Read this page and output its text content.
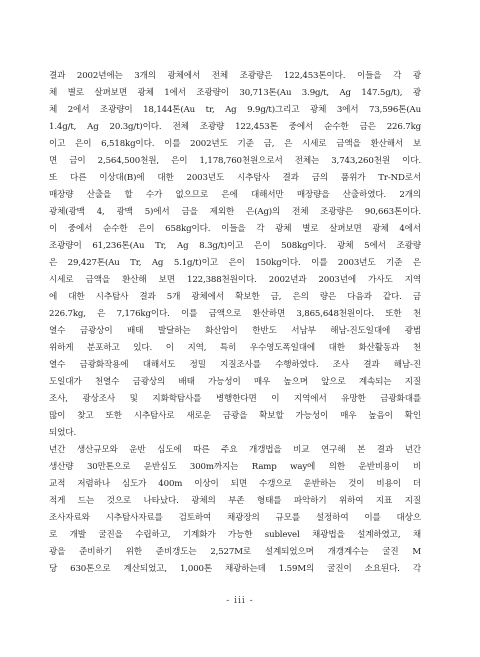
결과 2002년에는 3개의 광체에서 전체 조광량은 122,453톤이다. 이들을 각 광
체 별로 살펴보면 광체 1에서 조광량이 30,713톤(Au 3.9g/t, Ag 147.5g/t), 광
체 2에서 조광량이 18,144톤(Au tr, Ag 9.9g/t)그리고 광체 3에서 73,596톤(Au
1.4g/t, Ag 20.3g/t)이다. 전체 조광량 122,453톤 중에서 순수한 금은 226.7kg
이고 은이 6,518kg이다. 이를 2002년도 기준 금, 은 시세로 금액을 환산해서 보
면 금이 2,564,500천원, 은이 1,178,760천원으로서 전체는 3,743,260천원 이다.
또 다른 이상대(B)에 대한 2003년도 시추탐사 결과 금의 품위가 Tr-ND로서
매장량 산출을 할 수가 없으므로 은에 대해서만 매장량을 산출하였다. 2개의
광체(광맥 4, 광맥 5)에서 금을 제외한 은(Ag)의 전체 조광량은 90,663톤이다.
이 중에서 순수한 은이 658kg이다. 이들을 각 광체 별로 살펴보면 광체 4에서
조광량이 61,236톤(Au Tr, Ag 8.3g/t)이고 은이 508kg이다. 광체 5에서 조광량
은 29,427톤(Au Tr, Ag 5.1g/t)이고 은이 150kg이다. 이를 2003년도 기준 은
시세로 금액을 환산해 보면 122,388천원이다. 2002년과 2003년에 가사도 지역
에 대한 시추탐사 결과 5개 광체에서 확보한 금, 은의 량은 다음과 같다. 금
226.7kg, 은 7,176kg이다. 이를 금액으로 환산하면 3,865,648천원이다. 또한 천
열수 금광상이 배태 발달하는 화산암이 한반도 서남부 해남-진도일대에 광범
위하게 분포하고 있다. 이 지역, 특히 우수영도폭일대에 대한 화산활동과 천
열수 금광화작용에 대해서도 정밀 지질조사를 수행하였다. 조사 결과 해남-진
도일대가 천열수 금광상의 배태 가능성이 매우 높으며 앞으로 계속되는 지질
조사, 광상조사 및 지화학탐사를 병행한다면 이 지역에서 유망한 금광화대를
많이 찾고 또한 시추탐사로 새로운 금광을 확보할 가능성이 매우 높음이 확인
되었다.
년간 생산규모와 운반 심도에 따른 주요 개갱법을 비교 연구해 본 결과 년간
생산량 30만톤으로 운반심도 300m까지는 Ramp way에 의한 운반비용이 비
교적 저렴하나 심도가 400m 이상이 되면 수갱으로 운반하는 것이 비용이 더
적게 드는 것으로 나타났다. 광체의 부존 형태를 파악하기 위하여 지표 지질
조사자료와 시추탐사자료를 검토하여 채광장의 규모를 설정하여 이를 대상으
로 개발 굴진을 수립하고, 기계화가 가능한 sublevel 채광법을 설계하였고, 채
광을 준비하기 위한 준비갱도는 2,527M로 설계되었으며 개갱계수는 굴진 M
당 630톤으로 계산되었고, 1,000톤 채광하는데 1.59M의 굴진이 소요된다. 각
- iii -
